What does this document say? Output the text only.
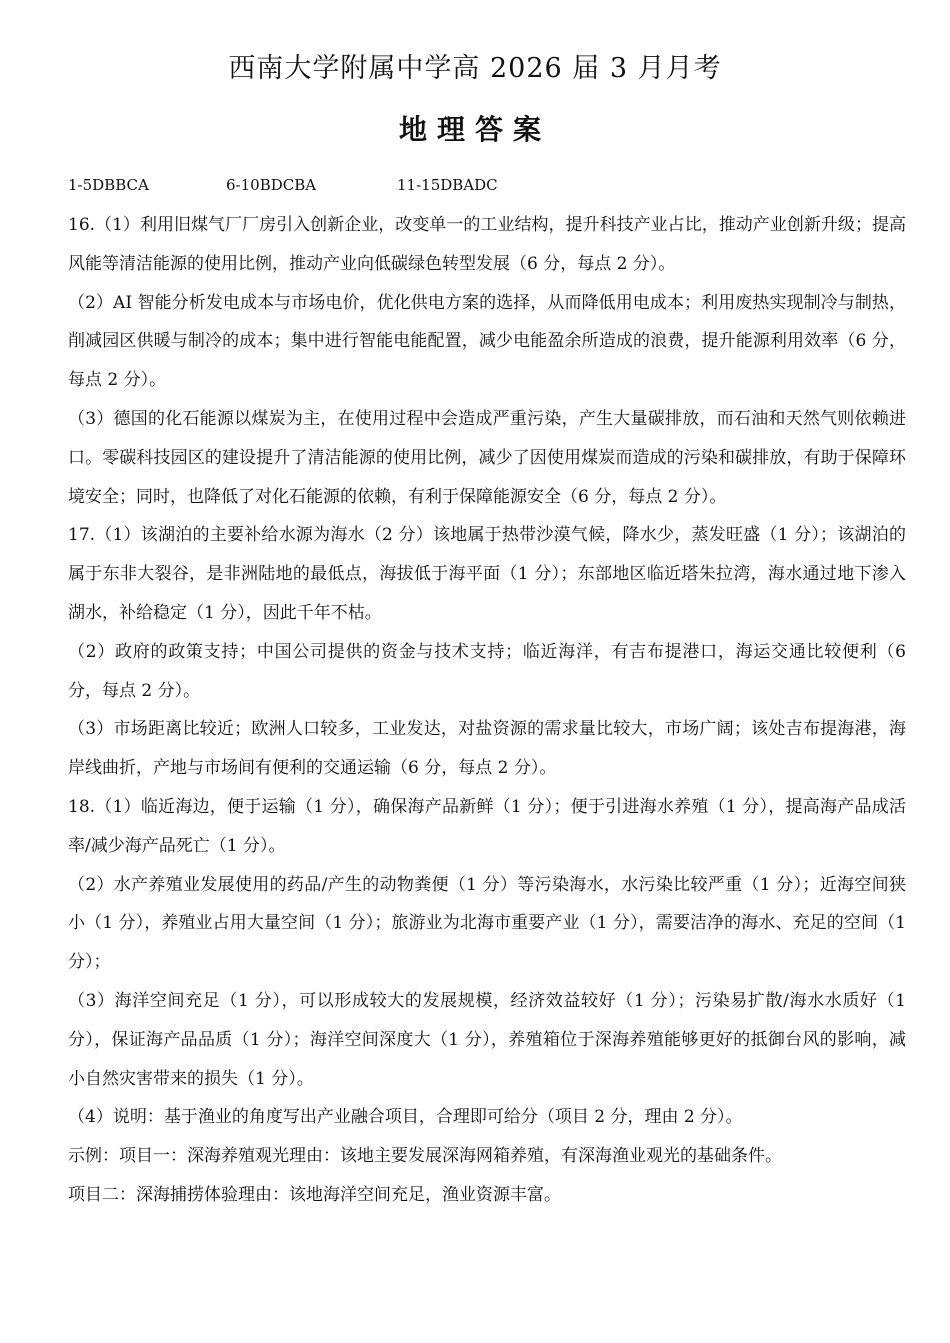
西南大学附属中学高 2026 届 3 月月考
地理答案
1-5DBBCA	6-10BDCBA	11-15DBADC

16.（1）利用旧煤气厂厂房引入创新企业，改变单一的工业结构，提升科技产业占比，推动产业创新升级；提高风能等清洁能源的使用比例，推动产业向低碳绿色转型发展（6 分，每点 2 分）。

（2）AI 智能分析发电成本与市场电价，优化供电方案的选择，从而降低用电成本；利用废热实现制冷与制热，削减园区供暖与制冷的成本；集中进行智能电能配置，减少电能盈余所造成的浪费，提升能源利用效率（6 分，每点 2 分）。

（3）德国的化石能源以煤炭为主，在使用过程中会造成严重污染，产生大量碳排放，而石油和天然气则依赖进口。零碳科技园区的建设提升了清洁能源的使用比例，减少了因使用煤炭而造成的污染和碳排放，有助于保障环境安全；同时，也降低了对化石能源的依赖，有利于保障能源安全（6 分，每点 2 分）。

17.（1）该湖泊的主要补给水源为海水（2 分）该地属于热带沙漠气候，降水少，蒸发旺盛（1 分）；该湖泊的属于东非大裂谷，是非洲陆地的最低点，海拔低于海平面（1 分）；东部地区临近塔朱拉湾，海水通过地下渗入湖水，补给稳定（1 分），因此千年不枯。

（2）政府的政策支持；中国公司提供的资金与技术支持；临近海洋，有吉布提港口，海运交通比较便利（6 分，每点 2 分）。

（3）市场距离比较近；欧洲人口较多，工业发达，对盐资源的需求量比较大，市场广阔；该处吉布提海港，海岸线曲折，产地与市场间有便利的交通运输（6 分，每点 2 分）。

18.（1）临近海边，便于运输（1 分），确保海产品新鲜（1 分）；便于引进海水养殖（1 分），提高海产品成活率/减少海产品死亡（1 分）。

（2）水产养殖业发展使用的药品/产生的动物粪便（1 分）等污染海水，水污染比较严重（1 分）；近海空间狭小（1 分），养殖业占用大量空间（1 分）；旅游业为北海市重要产业（1 分），需要洁净的海水、充足的空间（1 分）；

（3）海洋空间充足（1 分），可以形成较大的发展规模，经济效益较好（1 分）；污染易扩散/海水水质好（1 分），保证海产品品质（1 分）；海洋空间深度大（1 分），养殖箱位于深海养殖能够更好的抵御台风的影响，减小自然灾害带来的损失（1 分）。

（4）说明：基于渔业的角度写出产业融合项目，合理即可给分（项目 2 分，理由 2 分）。

示例：项目一：深海养殖观光理由：该地主要发展深海网箱养殖，有深海渔业观光的基础条件。

项目二：深海捕捞体验理由：该地海洋空间充足，渔业资源丰富。
